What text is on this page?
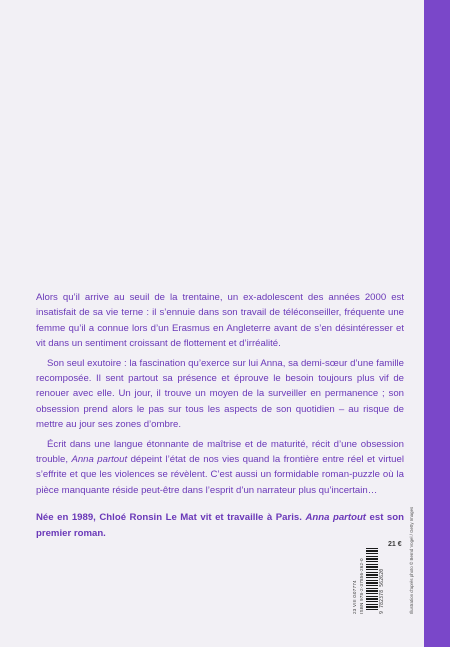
Alors qu’il arrive au seuil de la trentaine, un ex-adolescent des années 2000 est insatisfait de sa vie terne : il s’ennuie dans son travail de téléconseiller, fréquente une femme qu’il a connue lors d’un Erasmus en Angleterre avant de s’en désintéresser et vit dans un sentiment croissant de flottement et d’irréalité.

Son seul exutoire : la fascination qu’exerce sur lui Anna, sa demi-sœur d’une famille recomposée. Il sent partout sa présence et éprouve le besoin toujours plus vif de renouer avec elle. Un jour, il trouve un moyen de la surveiller en permanence ; son obsession prend alors le pas sur tous les aspects de son quotidien – au risque de mettre au jour ses zones d’ombre.

Écrit dans une langue étonnante de maîtrise et de maturité, récit d’une obsession trouble, Anna partout dépeint l’état de nos vies quand la frontière entre réel et virtuel s’effrite et que les violences se révèlent. C’est aussi un formidable roman-puzzle où la pièce manquante réside peut-être dans l’esprit d’un narrateur plus qu’incertain…

Née en 1989, Chloé Ronsin Le Mat vit et travaille à Paris. Anna partout est son premier roman.

23 VIII G07774 ISBN 978-2-37856-262-0	9 782378 562620
21 € Illustration d’après photo © Bernd Vogel / Getty Images
